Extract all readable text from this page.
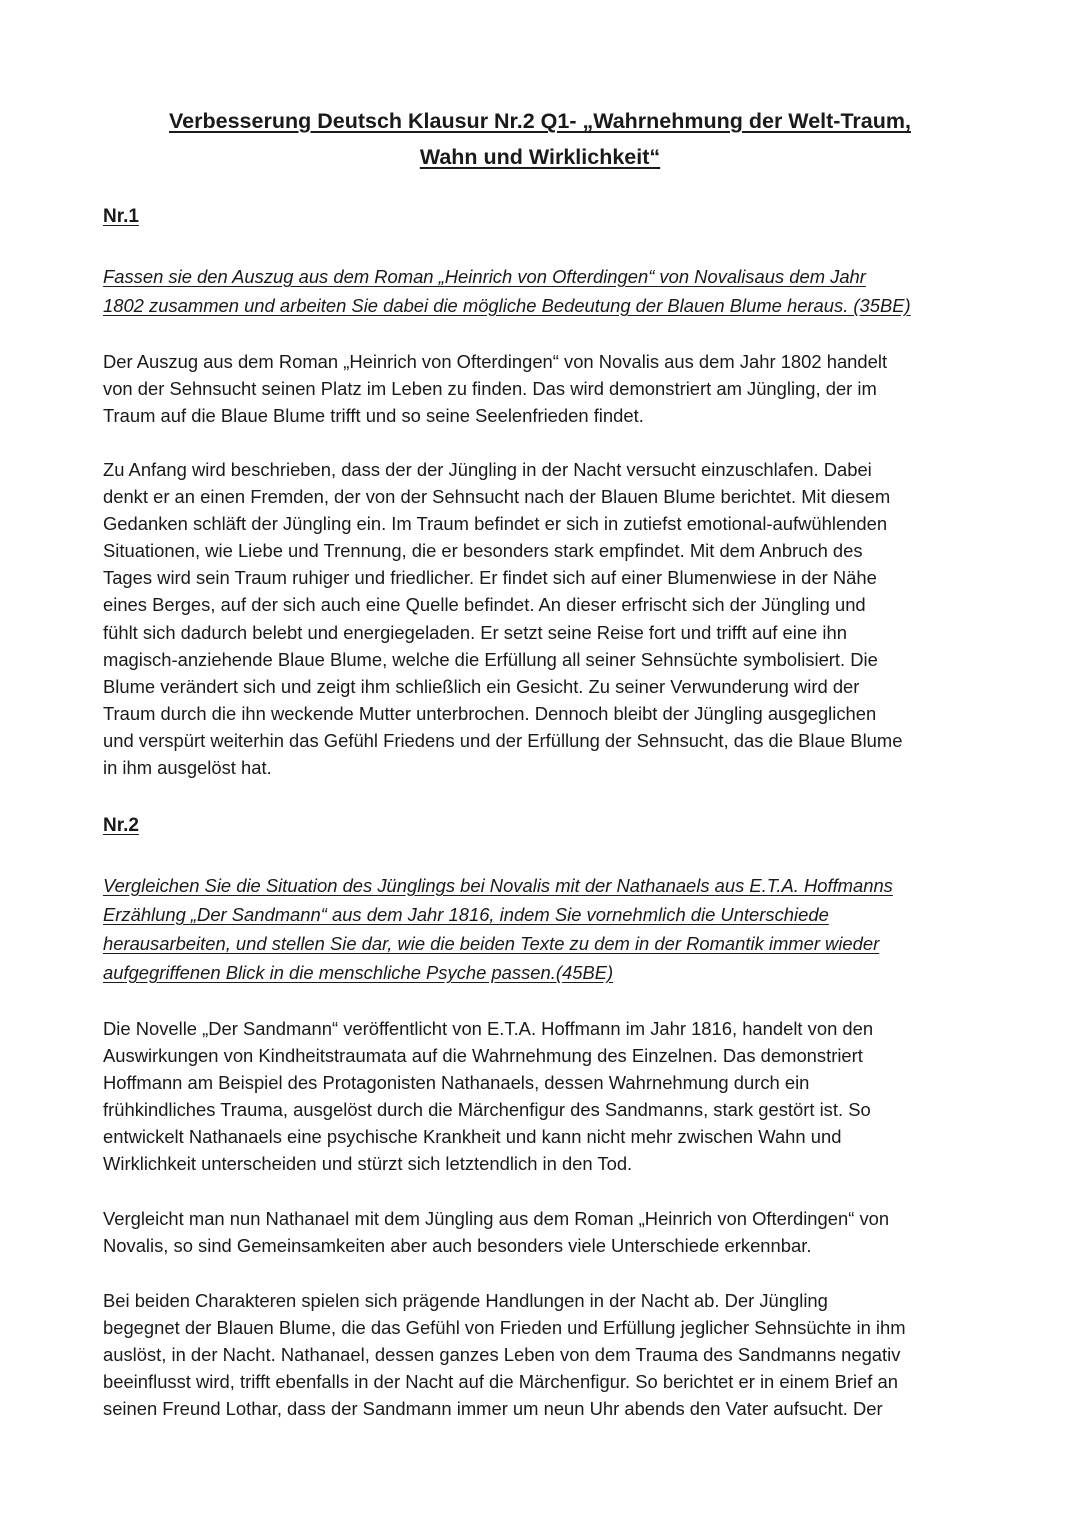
Verbesserung Deutsch Klausur Nr.2 Q1- „Wahrnehmung der Welt-Traum,
Wahn und Wirklichkeit“
Nr.1
Fassen sie den Auszug aus dem Roman „Heinrich von Ofterdingen“ von Novalisaus dem Jahr
1802 zusammen und arbeiten Sie dabei die mögliche Bedeutung der Blauen Blume heraus. (35BE)
Der Auszug aus dem Roman „Heinrich von Ofterdingen“ von Novalis aus dem Jahr 1802 handelt
von der Sehnsucht seinen Platz im Leben zu finden. Das wird demonstriert am Jüngling, der im
Traum auf die Blaue Blume trifft und so seine Seelenfrieden findet.
Zu Anfang wird beschrieben, dass der der Jüngling in der Nacht versucht einzuschlafen. Dabei
denkt er an einen Fremden, der von der Sehnsucht nach der Blauen Blume berichtet. Mit diesem
Gedanken schläft der Jüngling ein. Im Traum befindet er sich in zutiefst emotional-aufwühlenden
Situationen, wie Liebe und Trennung, die er besonders stark empfindet. Mit dem Anbruch des
Tages wird sein Traum ruhiger und friedlicher. Er findet sich auf einer Blumenwiese in der Nähe
eines Berges, auf der sich auch eine Quelle befindet. An dieser erfrischt sich der Jüngling und
fühlt sich dadurch belebt und energiegeladen. Er setzt seine Reise fort und trifft auf eine ihn
magisch-anziehende Blaue Blume, welche die Erfüllung all seiner Sehnsüchte symbolisiert. Die
Blume verändert sich und zeigt ihm schließlich ein Gesicht. Zu seiner Verwunderung wird der
Traum durch die ihn weckende Mutter unterbrochen. Dennoch bleibt der Jüngling ausgeglichen
und verspürt weiterhin das Gefühl Friedens und der Erfüllung der Sehnsucht, das die Blaue Blume
in ihm ausgelöst hat.
Nr.2
Vergleichen Sie die Situation des Jünglings bei Novalis mit der Nathanaels aus E.T.A. Hoffmanns
Erzählung „Der Sandmann“ aus dem Jahr 1816, indem Sie vornehmlich die Unterschiede
herausarbeiten, und stellen Sie dar, wie die beiden Texte zu dem in der Romantik immer wieder
aufgegriffenen Blick in die menschliche Psyche passen.(45BE)
Die Novelle „Der Sandmann“ veröffentlicht von E.T.A. Hoffmann im Jahr 1816, handelt von den
Auswirkungen von Kindheitstraumata auf die Wahrnehmung des Einzelnen. Das demonstriert
Hoffmann am Beispiel des Protagonisten Nathanaels, dessen Wahrnehmung durch ein
frühkindliches Trauma, ausgelöst durch die Märchenfigur des Sandmanns, stark gestört ist. So
entwickelt Nathanaels eine psychische Krankheit und kann nicht mehr zwischen Wahn und
Wirklichkeit unterscheiden und stürzt sich letztendlich in den Tod.
Vergleicht man nun Nathanael mit dem Jüngling aus dem Roman „Heinrich von Ofterdingen“ von
Novalis, so sind Gemeinsamkeiten aber auch besonders viele Unterschiede erkennbar.
Bei beiden Charakteren spielen sich prägende Handlungen in der Nacht ab. Der Jüngling
begegnet der Blauen Blume, die das Gefühl von Frieden und Erfüllung jeglicher Sehnsüchte in ihm
auslöst, in der Nacht. Nathanael, dessen ganzes Leben von dem Trauma des Sandmanns negativ
beeinflusst wird, trifft ebenfalls in der Nacht auf die Märchenfigur. So berichtet er in einem Brief an
seinen Freund Lothar, dass der Sandmann immer um neun Uhr abends den Vater aufsucht. Der
